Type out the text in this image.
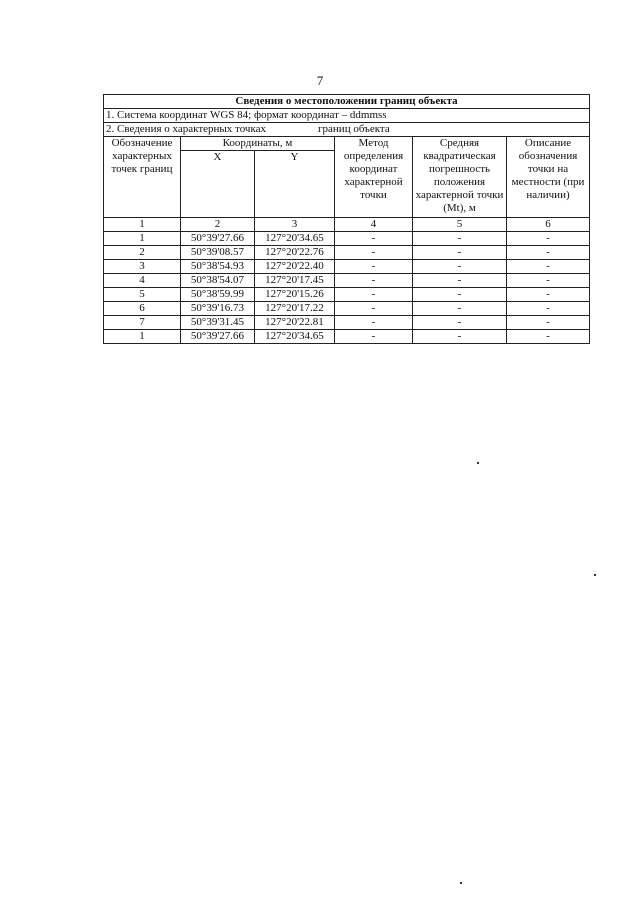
7
Сведения о местоположении границ объекта					
1. Система координат WGS 84; формат координат – ddmmss					
2. Сведения о характерных точках границ объекта					
Обозначение характерных точек границ	Координаты, м		Метод определения координат характерной точки	Средняя квадратическая погрешность положения характерной точки (Mt), м	Описание обозначения точки на местности (при наличии)
	X	Y			
1	2	3	4	5	6
1	50°39'27.66	127°20'34.65	-	-	-
2	50°39'08.57	127°20'22.76	-	-	-
3	50°38'54.93	127°20'22.40	-	-	-
4	50°38'54.07	127°20'17.45	-	-	-
5	50°38'59.99	127°20'15.26	-	-	-
6	50°39'16.73	127°20'17.22	-	-	-
7	50°39'31.45	127°20'22.81	-	-	-
1	50°39'27.66	127°20'34.65	-	-	-
